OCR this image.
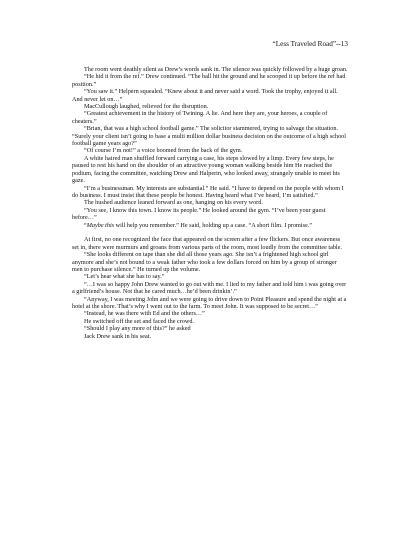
“Less Traveled Road”--13

The room went deathly silent as Drew’s words sank in. The silence was quickly followed by a huge groan.

“He hid it from the ref.” Drew continued. “The ball hit the ground and he scooped it up before the ref had position.”

“You saw it.” Helpern squealed. “Knew about it and never said a word. Took the trophy, enjoyed it all. And never let on…”

MacCullough laughed, relieved for the disruption.

“Greatest achievement in the history of Twining. A lie. And here they are, your heroes, a couple of cheaters.”

“Brian, that was a high school football game.” The solicitor stammered, trying to salvage the situation. “Surely your client isn’t going to base a multi million dollar business decision on the outcome of a high school football game years ago?”

“Of course I’m not!” a voice boomed from the back of the gym.

A white haired man shuffled forward carrying a case, his steps slowed by a limp. Every few steps, he paused to rest his hand on the shoulder of an attractive young woman walking beside him He reached the podium, facing the committee, watching Drew and Halperin, who looked away, strangely unable to meet his gaze.

“I’m a businessman. My interests are substantial.” He said. “I have to depend on the people with whom I do business. I must insist that these people be honest. Having heard what I’ve heard, I’m satisfied.”

The hushed audience leaned forward as one, hanging on his every word.

“You see, I know this town. I know its people.” He looked around the gym. “I’ve been your guest before…”

“Maybe this will help you remember.” He said, holding up a case. “A short film. I promise.”

At first, no one recognized the face that appeared on the screen after a few flickers. But once awareness set in, there were murmurs and groans from various parts of the room, most loudly from the committee table.

“She looks different on tape than she did all those years ago. She isn’t a frightened high school girl anymore and she’s not bound to a weak father who took a few dollars forced on him by a group of stronger men to purchase silence.” He turned up the volume.

“Let’s hear what she has to say.”

“…I was so happy John Drew wanted to go out with me. I lied to my father and told him i was going over a girlfriend’s house. Not that he cared much…he’d been drinkin’.”

“Anyway, I was meeting John and we were going to drive down to Point Pleasure and spend the night at a hotel at the shore. That’s why I went out to the farm. To meet John. It was supposed to be secret…”

“Instead, he was there with Ed and the others…”

He switched off the set and faced the crowd.

“Should I play any more of this?” he asked

Jack Drew sank in his seat.
